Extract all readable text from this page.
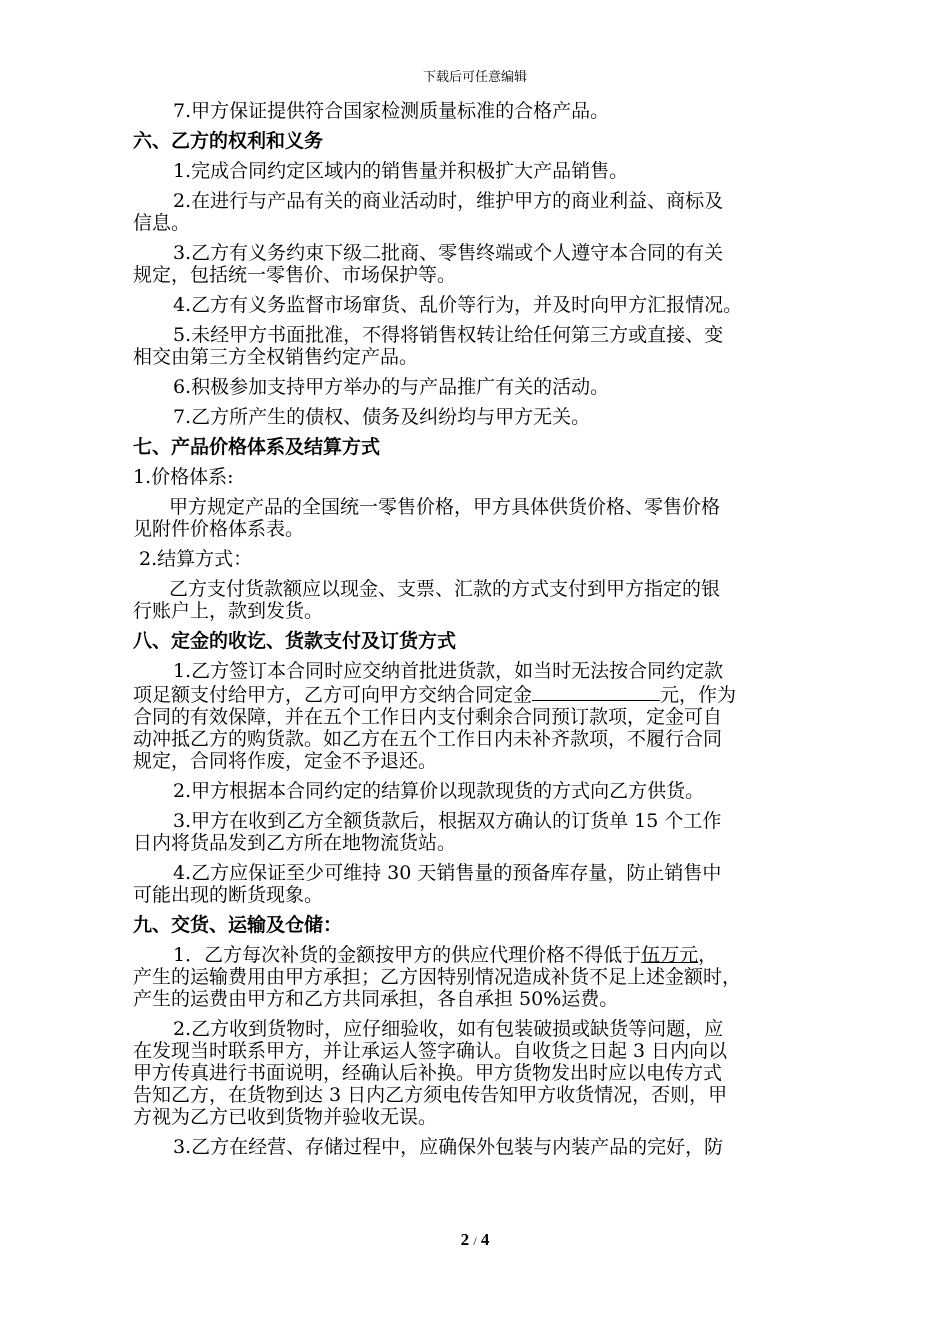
下载后可任意编辑
7.甲方保证提供符合国家检测质量标准的合格产品。
六、乙方的权利和义务
1.完成合同约定区域内的销售量并积极扩大产品销售。
2.在进行与产品有关的商业活动时，维护甲方的商业利益、商标及
信息。
3.乙方有义务约束下级二批商、零售终端或个人遵守本合同的有关
规定，包括统一零售价、市场保护等。
4.乙方有义务监督市场窜货、乱价等行为，并及时向甲方汇报情况。
5.未经甲方书面批准，不得将销售权转让给任何第三方或直接、变
相交由第三方全权销售约定产品。
6.积极参加支持甲方举办的与产品推广有关的活动。
7.乙方所产生的债权、债务及纠纷均与甲方无关。
七、产品价格体系及结算方式
1.价格体系:
甲方规定产品的全国统一零售价格，甲方具体供货价格、零售价格
见附件价格体系表。
2.结算方式：
乙方支付货款额应以现金、支票、汇款的方式支付到甲方指定的银
行账户上，款到发货。
八、定金的收讫、货款支付及订货方式
1.乙方签订本合同时应交纳首批进货款，如当时无法按合同约定款
项足额支付给甲方，乙方可向甲方交纳合同定金	元，作为
合同的有效保障，并在五个工作日内支付剩余合同预订款项，定金可自
动冲抵乙方的购货款。如乙方在五个工作日内未补齐款项，不履行合同
规定，合同将作废，定金不予退还。
2.甲方根据本合同约定的结算价以现款现货的方式向乙方供货。
3.甲方在收到乙方全额货款后，根据双方确认的订货单 15 个工作
日内将货品发到乙方所在地物流货站。
4.乙方应保证至少可维持 30 天销售量的预备库存量，防止销售中
可能出现的断货现象。
九、交货、运输及仓储：
1．乙方每次补货的金额按甲方的供应代理价格不得低于伍万元，
产生的运输费用由甲方承担；乙方因特别情况造成补货不足上述金额时，
产生的运费由甲方和乙方共同承担，各自承担 50%运费。
2.乙方收到货物时，应仔细验收，如有包装破损或缺货等问题，应
在发现当时联系甲方，并让承运人签字确认。自收货之日起 3 日内向以
甲方传真进行书面说明，经确认后补换。甲方货物发出时应以电传方式
告知乙方，在货物到达 3 日内乙方须电传告知甲方收货情况，否则，甲
方视为乙方已收到货物并验收无误。
3.乙方在经营、存储过程中，应确保外包装与内装产品的完好，防
2 / 4
